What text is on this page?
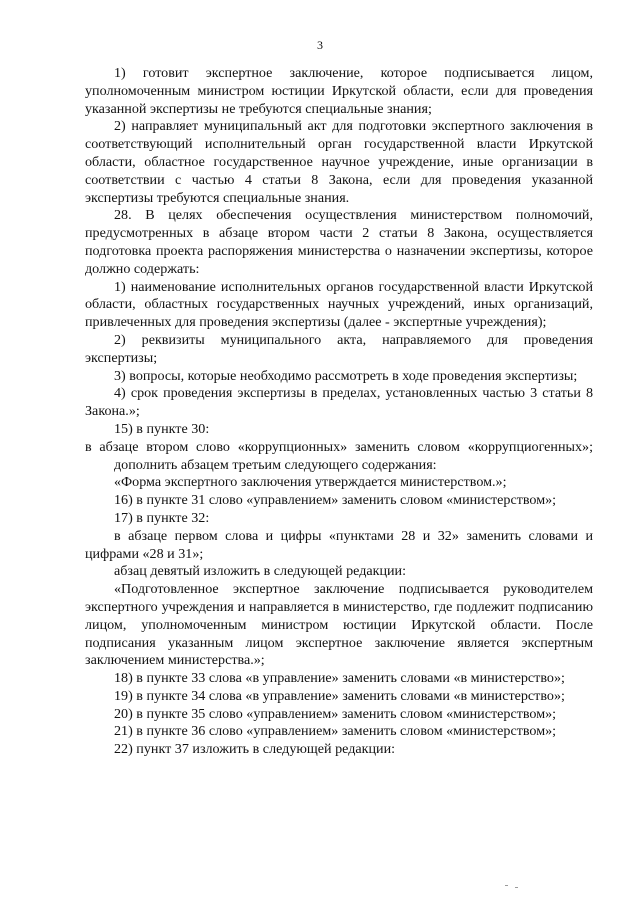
3

1) готовит экспертное заключение, которое подписывается лицом, уполномоченным министром юстиции Иркутской области, если для проведения указанной экспертизы не требуются специальные знания;

2) направляет муниципальный акт для подготовки экспертного заключения в соответствующий исполнительный орган государственной власти Иркутской области, областное государственное научное учреждение, иные организации в соответствии с частью 4 статьи 8 Закона, если для проведения указанной экспертизы требуются специальные знания.

28. В целях обеспечения осуществления министерством полномочий, предусмотренных в абзаце втором части 2 статьи 8 Закона, осуществляется подготовка проекта распоряжения министерства о назначении экспертизы, которое должно содержать:

1) наименование исполнительных органов государственной власти Иркутской области, областных государственных научных учреждений, иных организаций, привлеченных для проведения экспертизы (далее - экспертные учреждения);

2) реквизиты муниципального акта, направляемого для проведения экспертизы;

3) вопросы, которые необходимо рассмотреть в ходе проведения экспертизы;

4) срок проведения экспертизы в пределах, установленных частью 3 статьи 8 Закона.»;

15) в пункте 30:

в абзаце втором слово «коррупционных» заменить словом «коррупциогенных»;

дополнить абзацем третьим следующего содержания:

«Форма экспертного заключения утверждается министерством.»;

16) в пункте 31 слово «управлением» заменить словом «министерством»;

17) в пункте 32:

в абзаце первом слова и цифры «пунктами 28 и 32» заменить словами и цифрами «28 и 31»;

абзац девятый изложить в следующей редакции:

«Подготовленное экспертное заключение подписывается руководителем экспертного учреждения и направляется в министерство, где подлежит подписанию лицом, уполномоченным министром юстиции Иркутской области. После подписания указанным лицом экспертное заключение является экспертным заключением министерства.»;

18) в пункте 33 слова «в управление» заменить словами «в министерство»;

19) в пункте 34 слова «в управление» заменить словами «в министерство»;

20) в пункте 35 слово «управлением» заменить словом «министерством»;

21) в пункте 36 слово «управлением» заменить словом «министерством»;

22) пункт 37 изложить в следующей редакции:
